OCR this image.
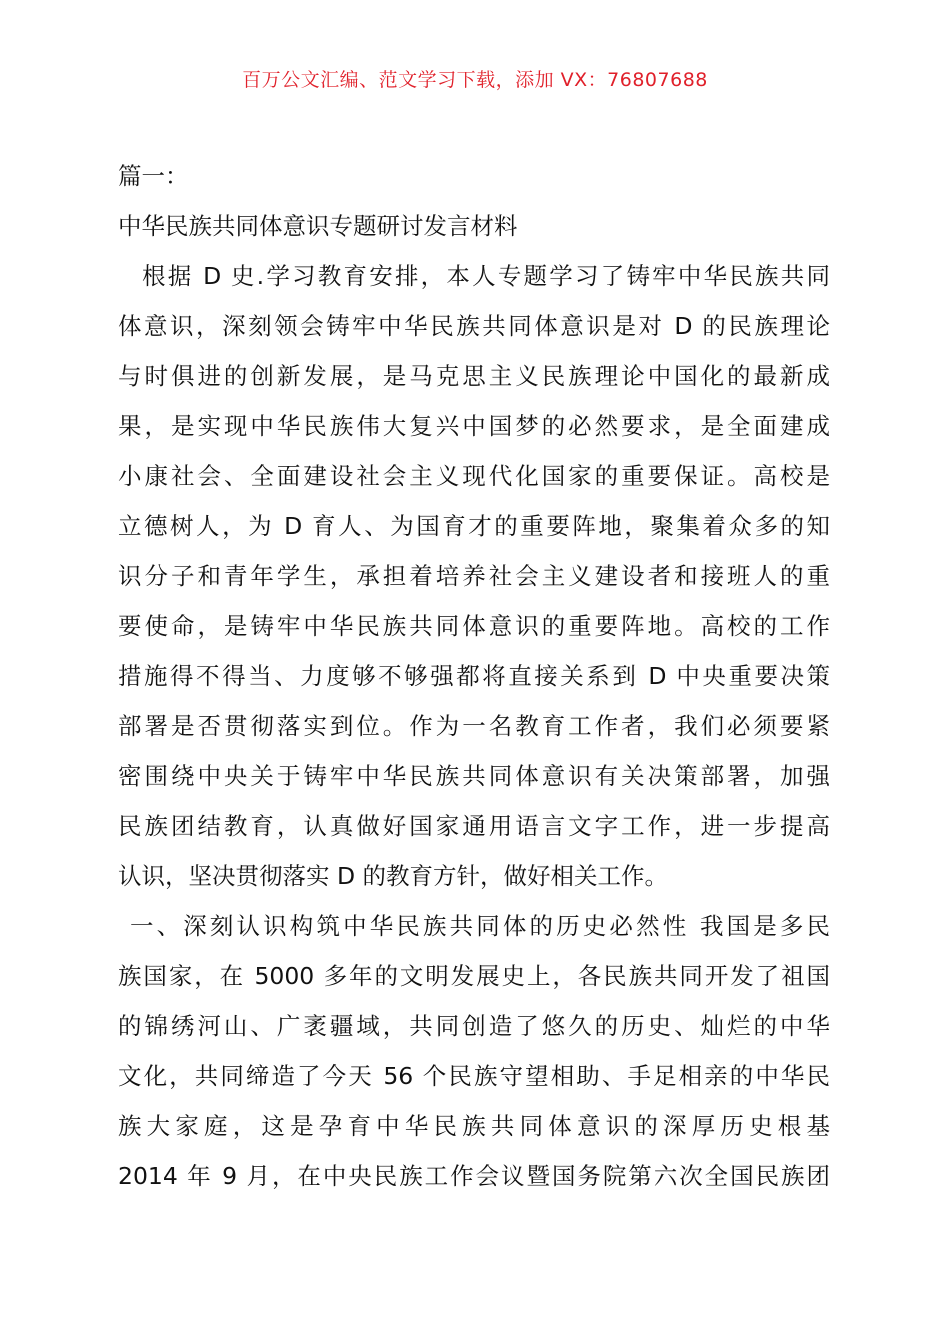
百万公文汇编、范文学习下载，添加 VX：76807688
篇一：
中华民族共同体意识专题研讨发言材料
根据 D 史.学习教育安排，本人专题学习了铸牢中华民族共同
体意识，深刻领会铸牢中华民族共同体意识是对 D 的民族理论
与时俱进的创新发展，是马克思主义民族理论中国化的最新成
果，是实现中华民族伟大复兴中国梦的必然要求，是全面建成
小康社会、全面建设社会主义现代化国家的重要保证。高校是
立德树人，为 D 育人、为国育才的重要阵地，聚集着众多的知
识分子和青年学生，承担着培养社会主义建设者和接班人的重
要使命，是铸牢中华民族共同体意识的重要阵地。高校的工作
措施得不得当、力度够不够强都将直接关系到 D 中央重要决策
部署是否贯彻落实到位。作为一名教育工作者，我们必须要紧
密围绕中央关于铸牢中华民族共同体意识有关决策部署，加强
民族团结教育，认真做好国家通用语言文字工作，进一步提高
认识，坚决贯彻落实 D 的教育方针，做好相关工作。
一、深刻认识构筑中华民族共同体的历史必然性 我国是多民
族国家，在 5000 多年的文明发展史上，各民族共同开发了祖国
的锦绣河山、广袤疆域，共同创造了悠久的历史、灿烂的中华
文化，共同缔造了今天 56 个民族守望相助、手足相亲的中华民
族大家庭，这是孕育中华民族共同体意识的深厚历史根基
2014 年 9 月，在中央民族工作会议暨国务院第六次全国民族团
